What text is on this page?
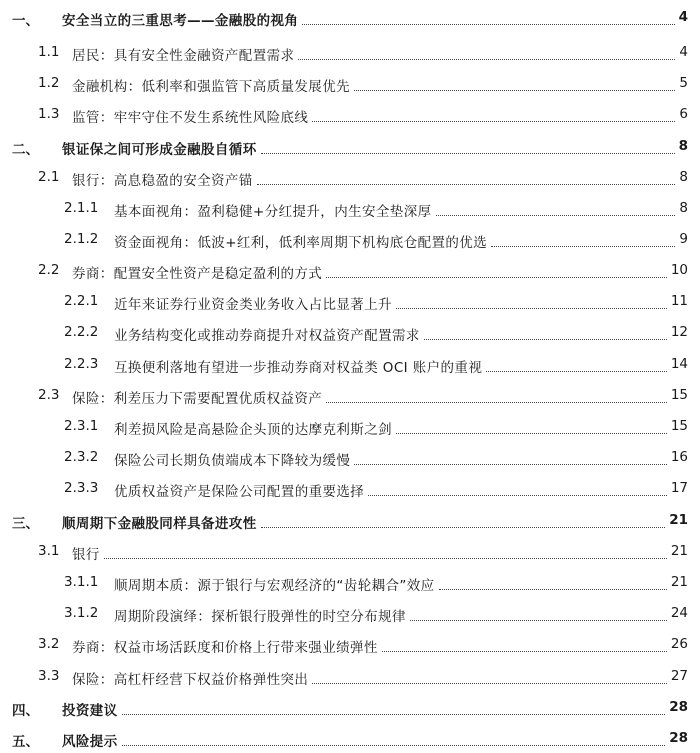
一、 安全当立的三重思考——金融股的视角	4
1.1 居民：具有安全性金融资产配置需求	4
1.2 金融机构：低利率和强监管下高质量发展优先	5
1.3 监管：牢牢守住不发生系统性风险底线	6
二、 银证保之间可形成金融股自循环	8
2.1 银行：高息稳盈的安全资产锚	8
2.1.1 基本面视角：盈利稳健+分红提升，内生安全垫深厚	8
2.1.2 资金面视角：低波+红利，低利率周期下机构底仓配置的优选	9
2.2 券商：配置安全性资产是稳定盈利的方式	10
2.2.1 近年来证券行业资金类业务收入占比显著上升	11
2.2.2 业务结构变化或推动券商提升对权益资产配置需求	12
2.2.3 互换便利落地有望进一步推动券商对权益类 OCI 账户的重视	14
2.3 保险：利差压力下需要配置优质权益资产	15
2.3.1 利差损风险是高悬险企头顶的达摩克利斯之剑	15
2.3.2 保险公司长期负债端成本下降较为缓慢	16
2.3.3 优质权益资产是保险公司配置的重要选择	17
三、 顺周期下金融股同样具备进攻性	21
3.1 银行	21
3.1.1 顺周期本质：源于银行与宏观经济的“齿轮耦合”效应	21
3.1.2 周期阶段演绎：探析银行股弹性的时空分布规律	24
3.2 券商：权益市场活跃度和价格上行带来强业绩弹性	26
3.3 保险：高杠杆经营下权益价格弹性突出	27
四、 投资建议	28
五、 风险提示	28
